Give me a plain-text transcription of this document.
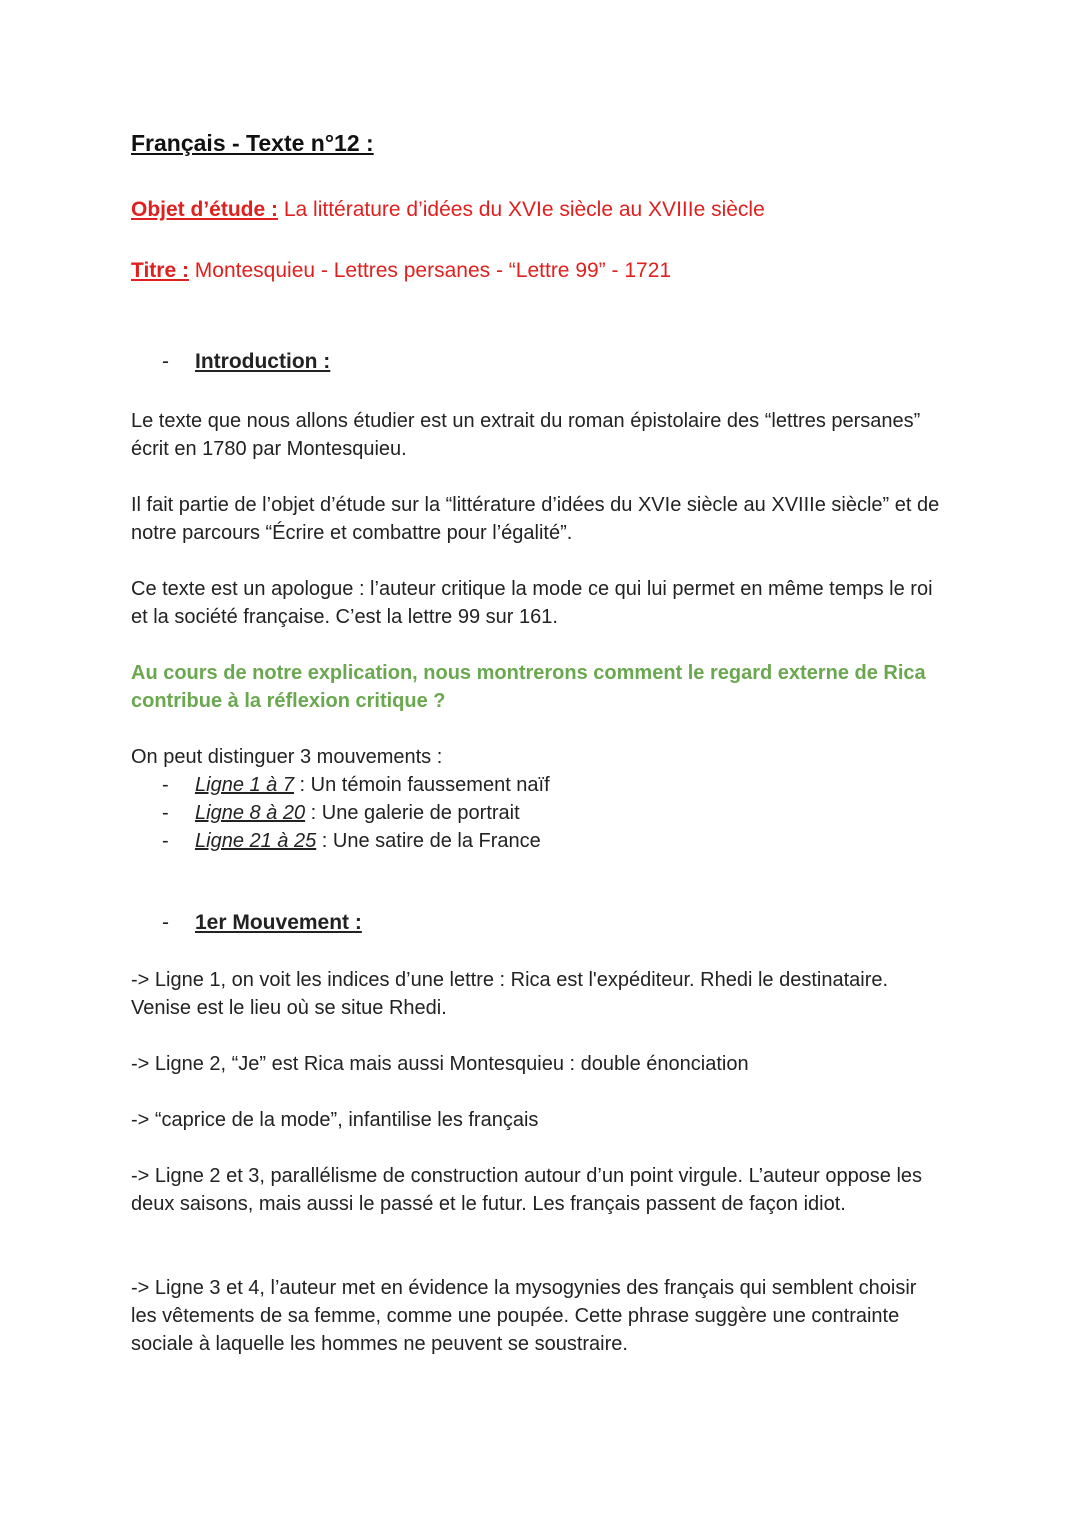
Français - Texte n°12 :
Objet d’étude : La littérature d’idées du XVIe siècle au XVIIIe siècle
Titre : Montesquieu - Lettres persanes - “Lettre 99” - 1721
- Introduction :

Le texte que nous allons étudier est un extrait du roman épistolaire des “lettres persanes” écrit en 1780 par Montesquieu.

Il fait partie de l’objet d’étude sur la “littérature d’idées du XVIe siècle au XVIIIe siècle” et de notre parcours “Écrire et combattre pour l’égalité”.

Ce texte est un apologue : l’auteur critique la mode ce qui lui permet en même temps le roi et la société française. C’est la lettre 99 sur 161.

Au cours de notre explication, nous montrerons comment le regard externe de Rica contribue à la réflexion critique ?

On peut distinguer 3 mouvements :

- Ligne 1 à 7 : Un témoin faussement naïf
- Ligne 8 à 20 : Une galerie de portrait
- Ligne 21 à 25 : Une satire de la France
- 1er Mouvement :

-> Ligne 1, on voit les indices d’une lettre : Rica est l'expéditeur. Rhedi le destinataire. Venise est le lieu où se situe Rhedi.

-> Ligne 2, “Je” est Rica mais aussi Montesquieu : double énonciation

-> “caprice de la mode”, infantilise les français

-> Ligne 2 et 3, parallélisme de construction autour d’un point virgule. L’auteur oppose les deux saisons, mais aussi le passé et le futur. Les français passent de façon idiot.

-> Ligne 3 et 4, l’auteur met en évidence la mysogynies des français qui semblent choisir les vêtements de sa femme, comme une poupée. Cette phrase suggère une contrainte sociale à laquelle les hommes ne peuvent se soustraire.
